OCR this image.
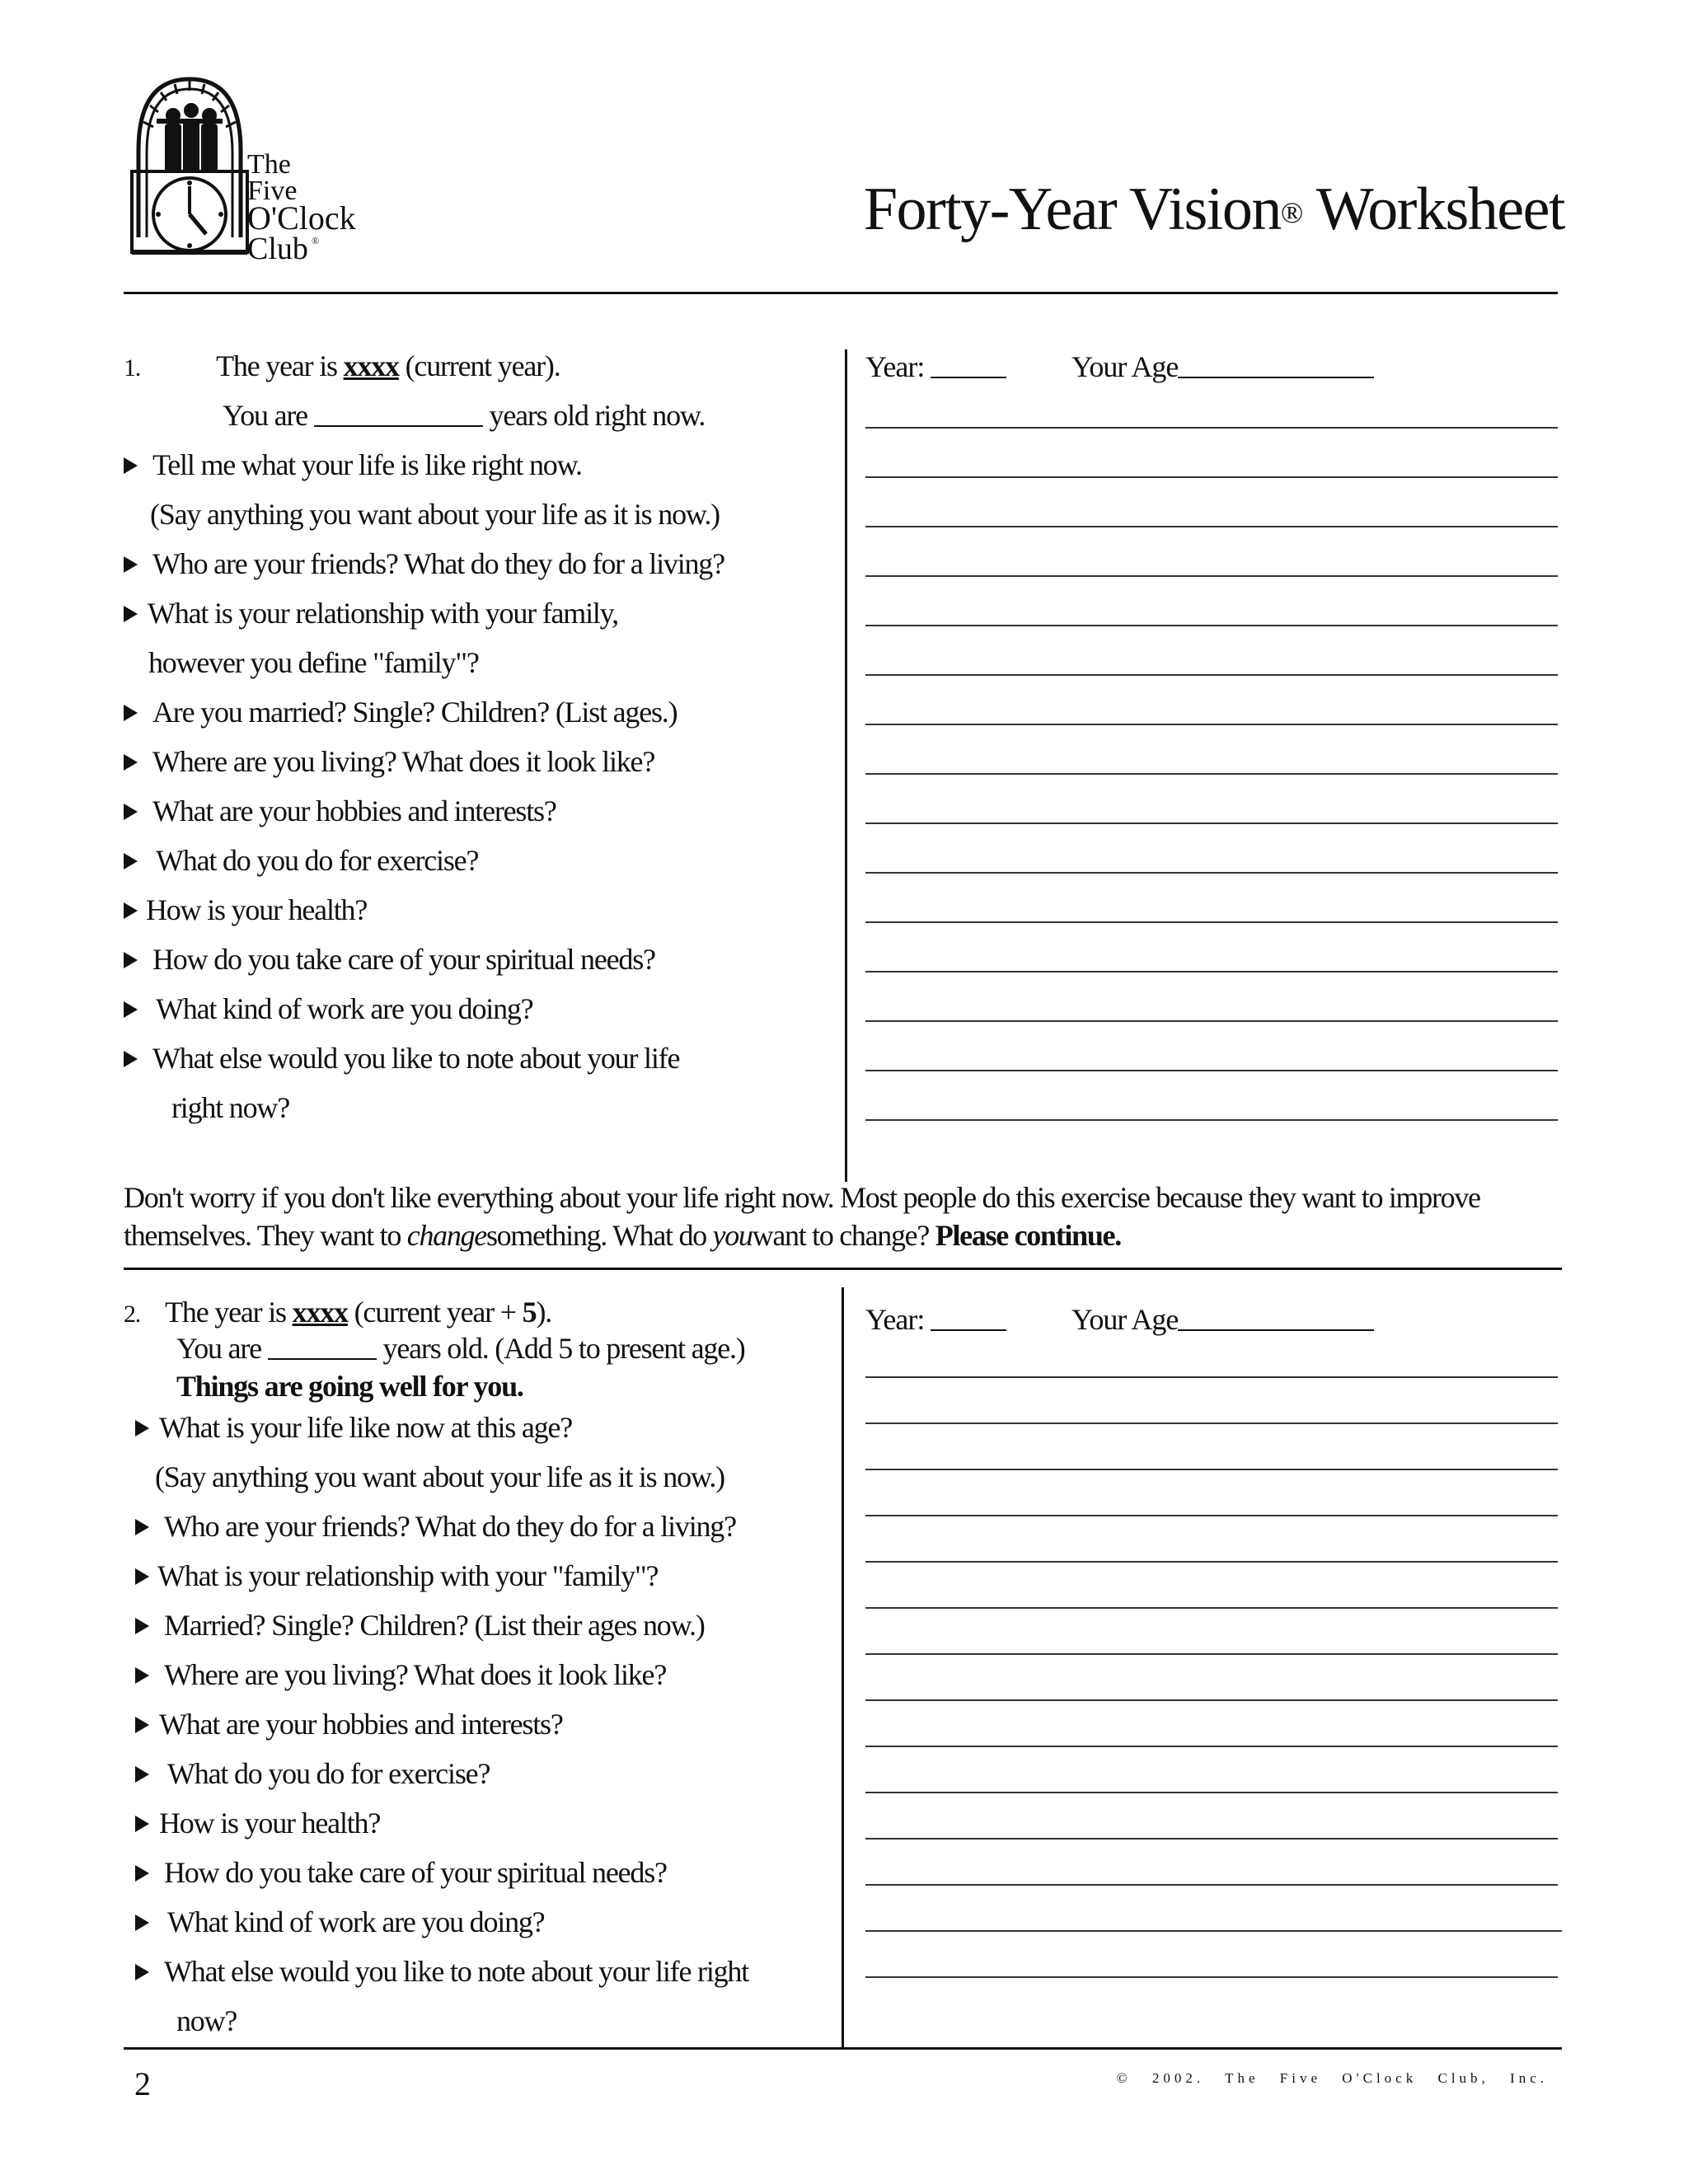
The
Five
O'Clock
Club ®	Forty-Year Vision® Worksheet
1.	The year is xxxx (current year).
You are	years old right now.
Tell me what your life is like right now.
(Say anything you want about your life as it is now.)
Who are your friends? What do they do for a living?
What is your relationship with your family,
however you define "family"?
Are you married? Single? Children? (List ages.)
Where are you living? What does it look like?
What are your hobbies and interests?
What do you do for exercise?
How is your health?
How do you take care of your spiritual needs?
What kind of work are you doing?
What else would you like to note about your life
right now?
Year:	Your Age
Don't worry if you don't like everything about your life right now. Most people do this exercise because they want to improve
themselves. They want to changesomething. What do youwant to change? Please continue.
2. The year is xxxx (current year + 5).
You are	years old. (Add 5 to present age.)
Things are going well for you.
What is your life like now at this age?
(Say anything you want about your life as it is now.)
Who are your friends? What do they do for a living?
What is your relationship with your "family"?
Married? Single? Children? (List their ages now.)
Where are you living? What does it look like?
What are your hobbies and interests?
What do you do for exercise?
How is your health?
How do you take care of your spiritual needs?
What kind of work are you doing?
What else would you like to note about your life right
now?
Year:	Your Age
2	© 2002. The Five O'Clock Club, Inc.
